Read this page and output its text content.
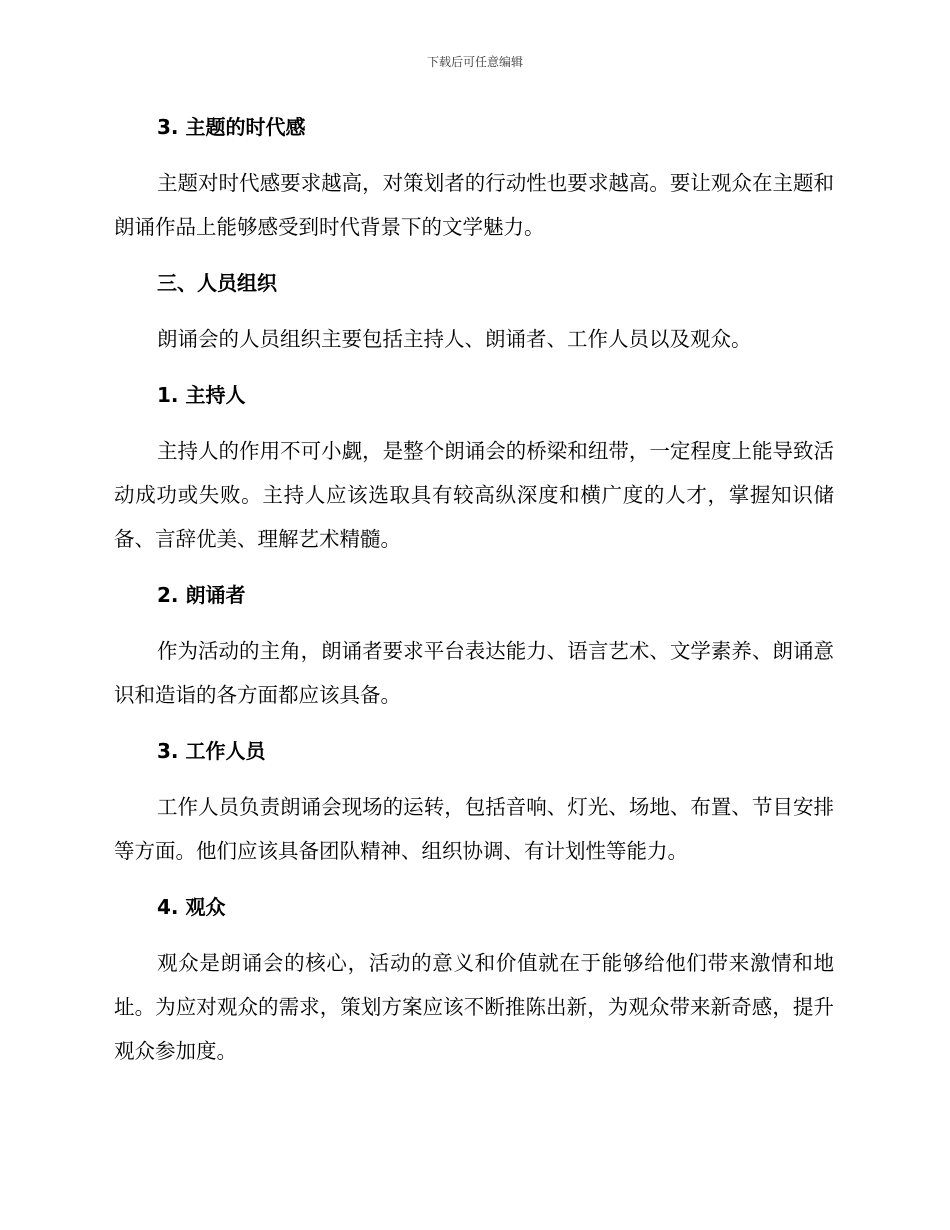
下载后可任意编辑
3. 主题的时代感

主题对时代感要求越高，对策划者的行动性也要求越高。要让观众在主题和朗诵作品上能够感受到时代背景下的文学魅力。

三、人员组织

朗诵会的人员组织主要包括主持人、朗诵者、工作人员以及观众。

1. 主持人

主持人的作用不可小觑，是整个朗诵会的桥梁和纽带，一定程度上能导致活动成功或失败。主持人应该选取具有较高纵深度和横广度的人才，掌握知识储备、言辞优美、理解艺术精髓。

2. 朗诵者

作为活动的主角，朗诵者要求平台表达能力、语言艺术、文学素养、朗诵意识和造诣的各方面都应该具备。

3. 工作人员

工作人员负责朗诵会现场的运转，包括音响、灯光、场地、布置、节目安排等方面。他们应该具备团队精神、组织协调、有计划性等能力。

4. 观众

观众是朗诵会的核心，活动的意义和价值就在于能够给他们带来激情和地址。为应对观众的需求，策划方案应该不断推陈出新，为观众带来新奇感，提升观众参加度。
